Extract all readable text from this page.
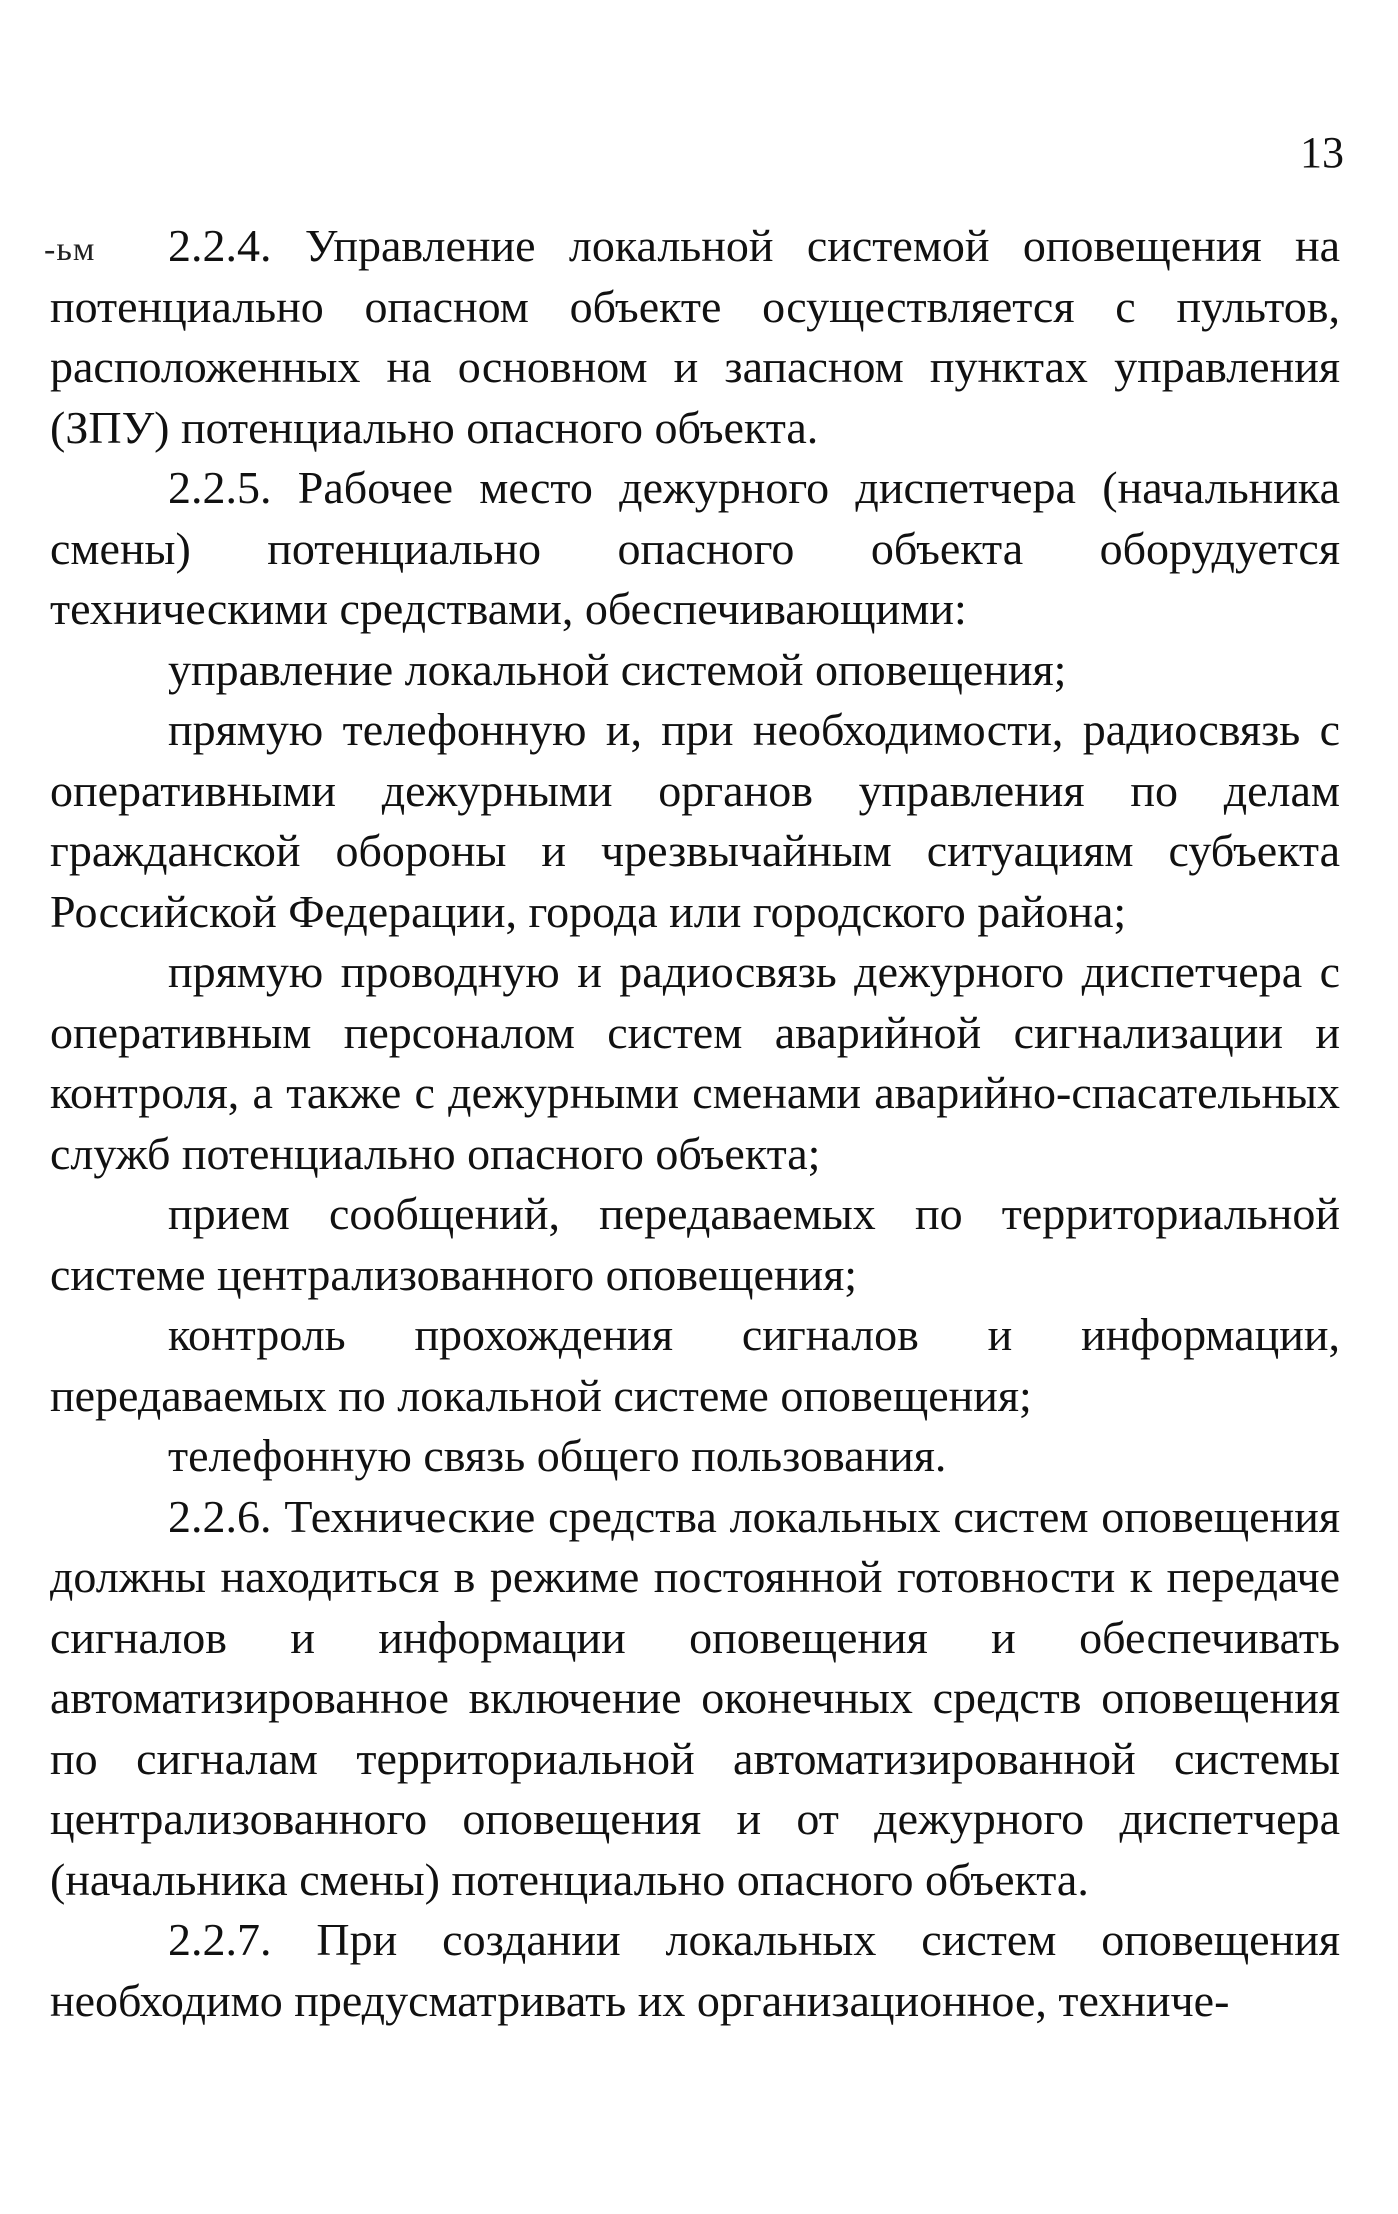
13

-ьм	2.2.4. Управление локальной системой оповещения на потенциально опасном объекте осуществляется с пультов, расположенных на основном и запасном пунктах управления (ЗПУ) потенциально опасного объекта.

2.2.5. Рабочее место дежурного диспетчера (начальника смены) потенциально опасного объекта оборудуется техническими средствами, обеспечивающими:

управление локальной системой оповещения;

прямую телефонную и, при необходимости, радиосвязь с оперативными дежурными органов управления по делам гражданской обороны и чрезвычайным ситуациям субъекта Российской Федерации, города или городского района;

прямую проводную и радиосвязь дежурного диспетчера с оперативным персоналом систем аварийной сигнализации и контроля, а также с дежурными сменами аварийно-спасательных служб потенциально опасного объекта;

прием сообщений, передаваемых по территориальной системе централизованного оповещения;

контроль прохождения сигналов и информации, передаваемых по локальной системе оповещения;

телефонную связь общего пользования.

2.2.6. Технические средства локальных систем оповещения должны находиться в режиме постоянной готовности к передаче сигналов и информации оповещения и обеспечивать автоматизированное включение оконечных средств оповещения по сигналам территориальной автоматизированной системы централизованного оповещения и от дежурного диспетчера (начальника смены) потенциально опасного объекта.

2.2.7. При создании локальных систем оповещения необходимо предусматривать их организационное, техниче-
